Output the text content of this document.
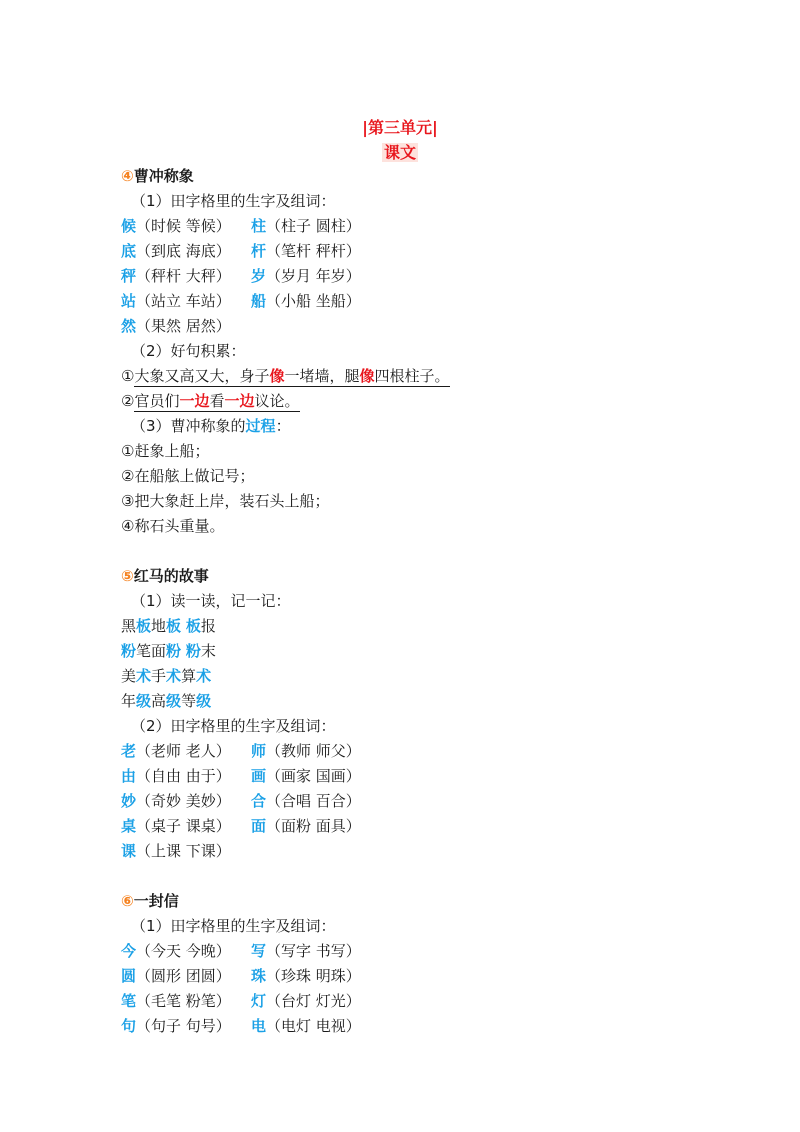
|第三单元|
课文
④曹冲称象
（1）田字格里的生字及组词：
候（时候 等候） 柱（柱子 圆柱）
底（到底 海底） 杆（笔杆 秤杆）
秤（秤杆 大秤） 岁（岁月 年岁）
站（站立 车站） 船（小船 坐船）
然（果然 居然）
（2）好句积累：
①大象又高又大，身子像一堵墙，腿像四根柱子。
②官员们一边看一边议论。
（3）曹冲称象的过程：
①赶象上船；
②在船舷上做记号；
③把大象赶上岸，装石头上船；
④称石头重量。
⑤红马的故事
（1）读一读，记一记：
黑板地板 板报
粉笔面粉 粉末
美术手术算术
年级高级等级
（2）田字格里的生字及组词：
老（老师 老人） 师（教师 师父）
由（自由 由于） 画（画家 国画）
妙（奇妙 美妙） 合（合唱 百合）
桌（桌子 课桌） 面（面粉 面具）
课（上课 下课）
⑥一封信
（1）田字格里的生字及组词：
今（今天 今晚） 写（写字 书写）
圆（圆形 团圆） 珠（珍珠 明珠）
笔（毛笔 粉笔） 灯（台灯 灯光）
句（句子 句号） 电（电灯 电视）
